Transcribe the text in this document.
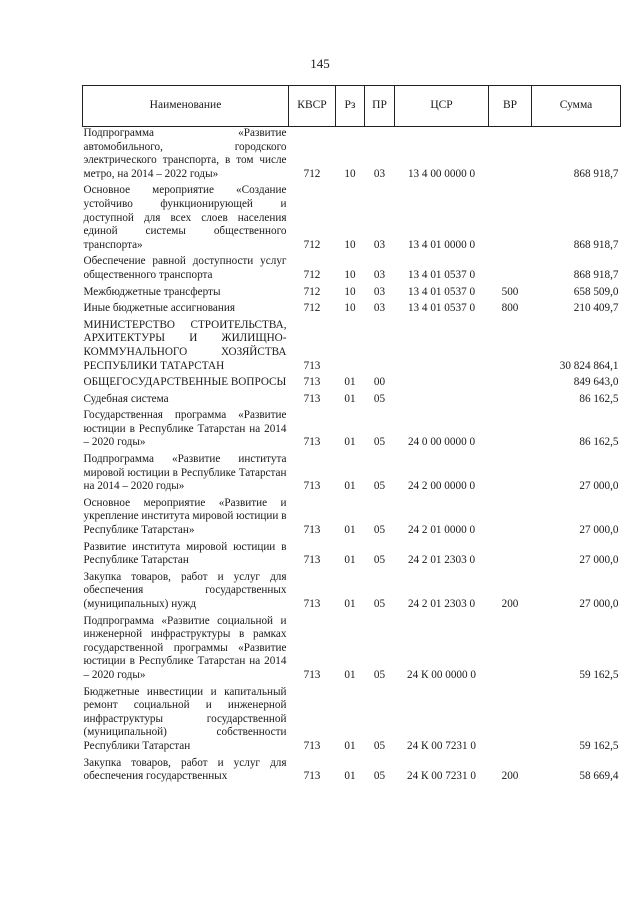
145
Наименование	КВСР	Рз	ПР	ЦСР	ВР	Сумма
Подпрограмма «Развитие автомобильного, городского электрического транспорта, в том числе метро, на 2014 – 2022 годы»	712	10	03	13 4 00 0000 0		868 918,7
Основное мероприятие «Создание устойчиво функционирующей и доступной для всех слоев населения единой системы общественного транспорта»	712	10	03	13 4 01 0000 0		868 918,7
Обеспечение равной доступности услуг общественного транспорта	712	10	03	13 4 01 0537 0		868 918,7
Межбюджетные трансферты	712	10	03	13 4 01 0537 0	500	658 509,0
Иные бюджетные ассигнования	712	10	03	13 4 01 0537 0	800	210 409,7
МИНИСТЕРСТВО СТРОИТЕЛЬСТВА, АРХИТЕКТУРЫ И ЖИЛИЩНО-КОММУНАЛЬНОГО ХОЗЯЙСТВА РЕСПУБЛИКИ ТАТАРСТАН	713					30 824 864,1
ОБЩЕГОСУДАРСТВЕННЫЕ ВОПРОСЫ	713	01	00			849 643,0
Судебная система	713	01	05			86 162,5
Государственная программа «Развитие юстиции в Республике Татарстан на 2014 – 2020 годы»	713	01	05	24 0 00 0000 0		86 162,5
Подпрограмма «Развитие института мировой юстиции в Республике Татарстан на 2014 – 2020 годы»	713	01	05	24 2 00 0000 0		27 000,0
Основное мероприятие «Развитие и укрепление института мировой юстиции в Республике Татарстан»	713	01	05	24 2 01 0000 0		27 000,0
Развитие института мировой юстиции в Республике Татарстан	713	01	05	24 2 01 2303 0		27 000,0
Закупка товаров, работ и услуг для обеспечения государственных (муниципальных) нужд	713	01	05	24 2 01 2303 0	200	27 000,0
Подпрограмма «Развитие социальной и инженерной инфраструктуры в рамках государственной программы «Развитие юстиции в Республике Татарстан на 2014 – 2020 годы»	713	01	05	24 К 00 0000 0		59 162,5
Бюджетные инвестиции и капитальный ремонт социальной и инженерной инфраструктуры государственной (муниципальной) собственности Республики Татарстан	713	01	05	24 К 00 7231 0		59 162,5
Закупка товаров, работ и услуг для обеспечения государственных	713	01	05	24 К 00 7231 0	200	58 669,4
